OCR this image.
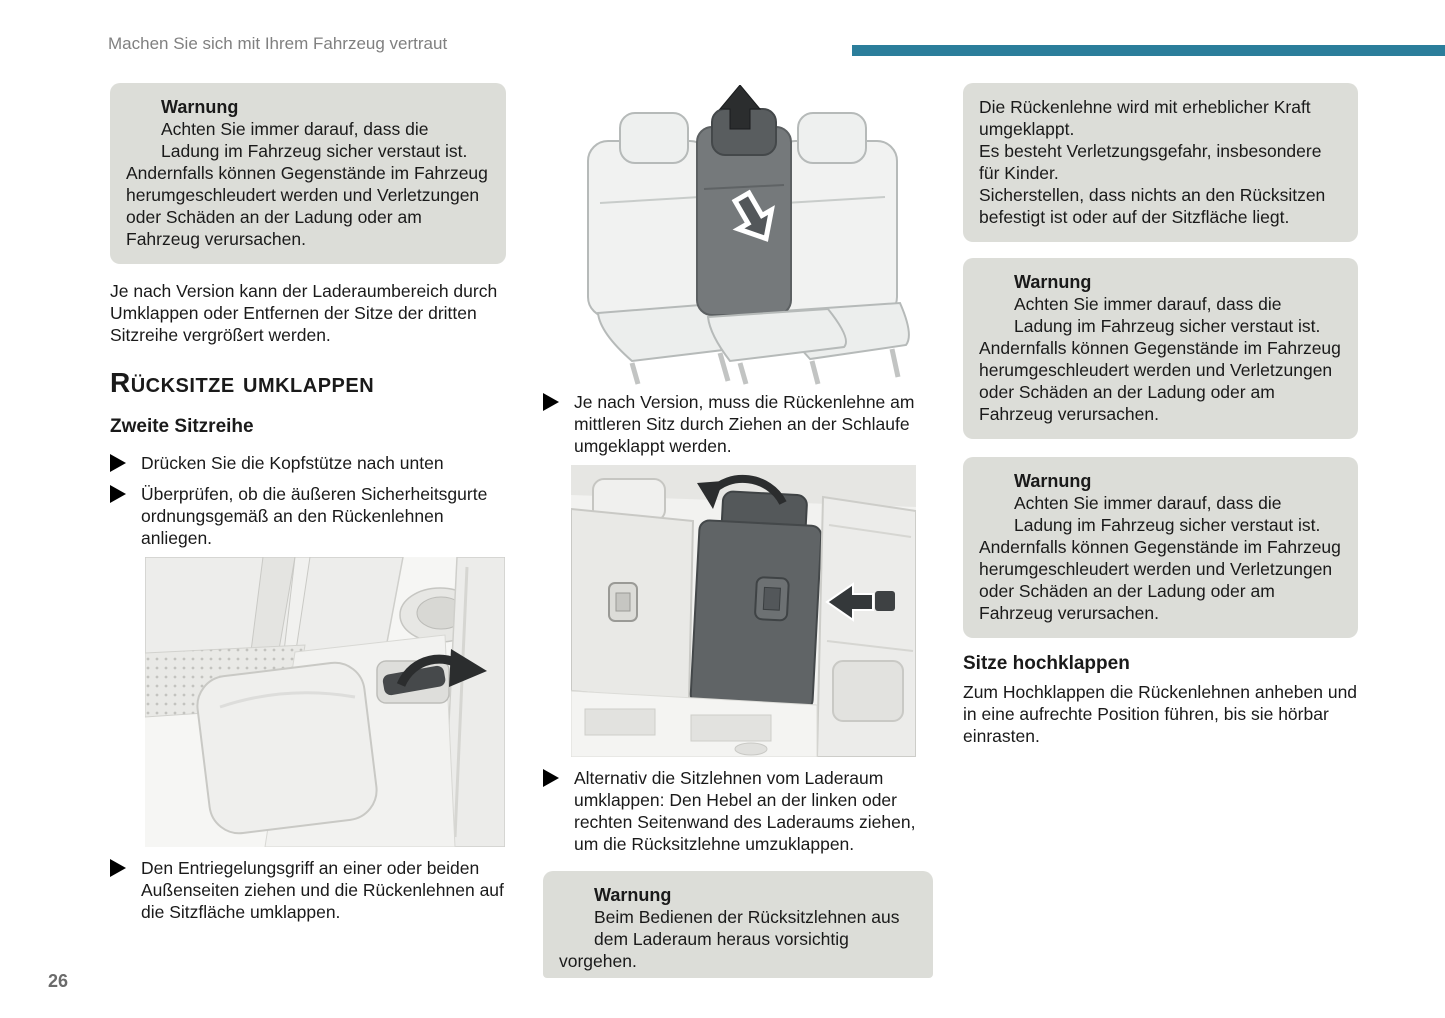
Machen Sie sich mit Ihrem Fahrzeug vertraut
Warnung
Achten Sie immer darauf, dass die Ladung im Fahrzeug sicher verstaut ist. Andernfalls können Gegenstände im Fahrzeug herumgeschleudert werden und Verletzungen oder Schäden an der Ladung oder am Fahrzeug verursachen.
Je nach Version kann der Laderaumbereich durch Umklappen oder Entfernen der Sitze der dritten Sitzreihe vergrößert werden.
Rücksitze umklappen
Zweite Sitzreihe
Drücken Sie die Kopfstütze nach unten
Überprüfen, ob die äußeren Sicherheitsgurte ordnungsgemäß an den Rückenlehnen anliegen.
Den Entriegelungsgriff an einer oder beiden Außenseiten ziehen und die Rückenlehnen auf die Sitzfläche umklappen.
Je nach Version, muss die Rückenlehne am mittleren Sitz durch Ziehen an der Schlaufe umgeklappt werden.
Alternativ die Sitzlehnen vom Laderaum umklappen: Den Hebel an der linken oder rechten Seitenwand des Laderaums ziehen, um die Rücksitzlehne umzuklappen.
Warnung
Beim Bedienen der Rücksitzlehnen aus dem Laderaum heraus vorsichtig vorgehen.
Die Rückenlehne wird mit erheblicher Kraft umgeklappt.
Es besteht Verletzungsgefahr, insbesondere für Kinder.
Sicherstellen, dass nichts an den Rücksitzen befestigt ist oder auf der Sitzfläche liegt.
Warnung
Achten Sie immer darauf, dass die Ladung im Fahrzeug sicher verstaut ist. Andernfalls können Gegenstände im Fahrzeug herumgeschleudert werden und Verletzungen oder Schäden an der Ladung oder am Fahrzeug verursachen.
Warnung
Achten Sie immer darauf, dass die Ladung im Fahrzeug sicher verstaut ist. Andernfalls können Gegenstände im Fahrzeug herumgeschleudert werden und Verletzungen oder Schäden an der Ladung oder am Fahrzeug verursachen.
Sitze hochklappen
Zum Hochklappen die Rückenlehnen anheben und in eine aufrechte Position führen, bis sie hörbar einrasten.
26
